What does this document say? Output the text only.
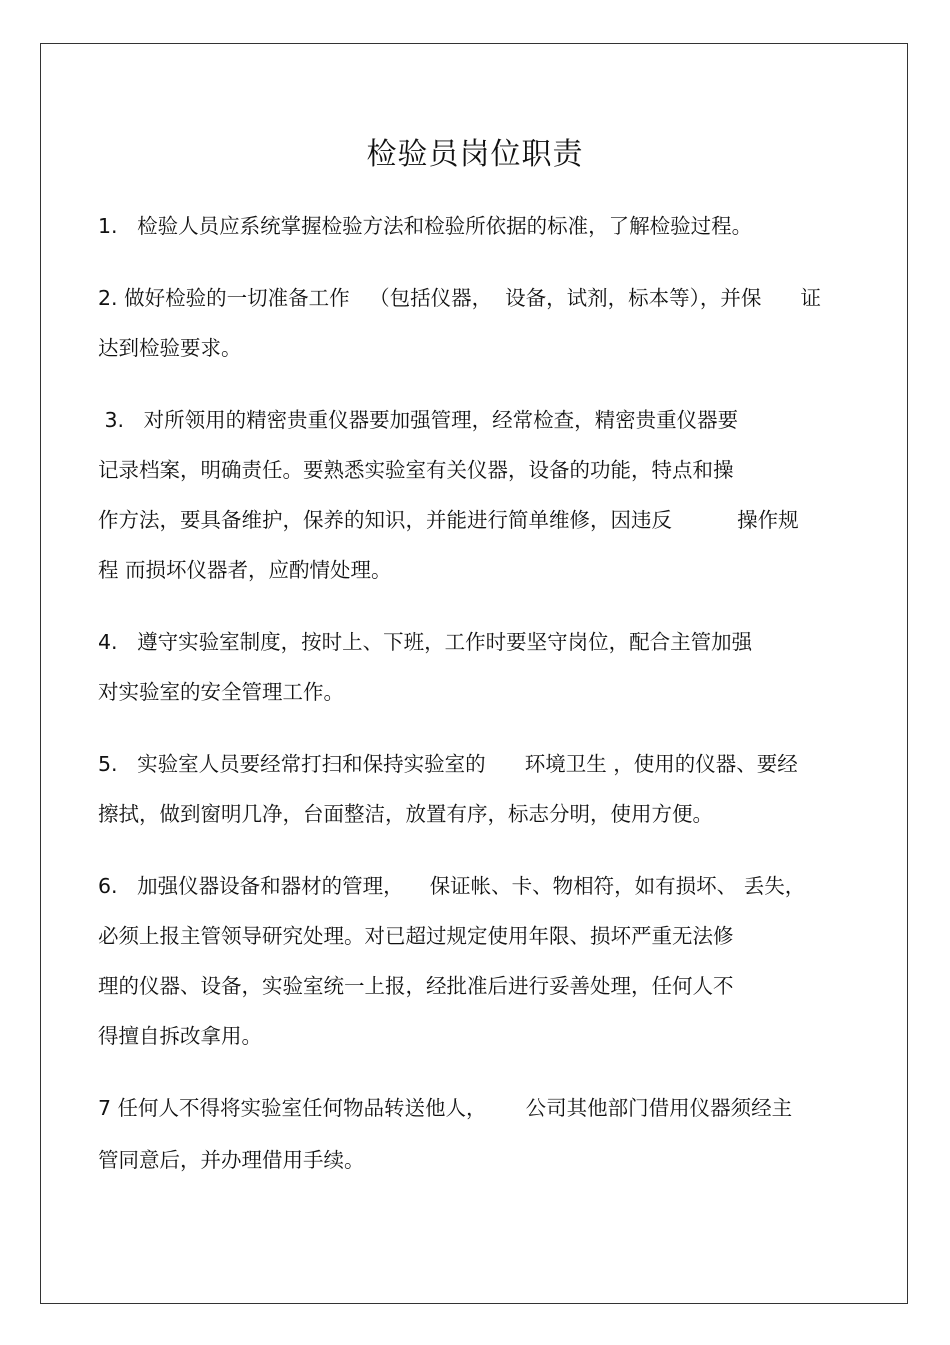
检验员岗位职责
1.   检验人员应系统掌握检验方法和检验所依据的标准，了解检验过程。
2. 做好检验的一切准备工作   （包括仪器，  设备，试剂，标本等），并保      证
达到检验要求。
3.   对所领用的精密贵重仪器要加强管理，经常检查，精密贵重仪器要
记录档案，明确责任。要熟悉实验室有关仪器，设备的功能，特点和操
作方法，要具备维护，保养的知识，并能进行简单维修，因违反          操作规
程 而损坏仪器者，应酌情处理。
4.   遵守实验室制度，按时上、下班，工作时要坚守岗位，配合主管加强
对实验室的安全管理工作。
5.   实验室人员要经常打扫和保持实验室的      环境卫生 ，使用的仪器、要经
擦拭，做到窗明几净，台面整洁，放置有序，标志分明，使用方便。
6.   加强仪器设备和器材的管理，    保证帐、卡、物相符，如有损坏、 丢失，
必须上报主管领导研究处理。对已超过规定使用年限、损坏严重无法修
理的仪器、设备，实验室统一上报，经批准后进行妥善处理，任何人不
得擅自拆改拿用。
7 任何人不得将实验室任何物品转送他人，      公司其他部门借用仪器须经主
管同意后，并办理借用手续。
